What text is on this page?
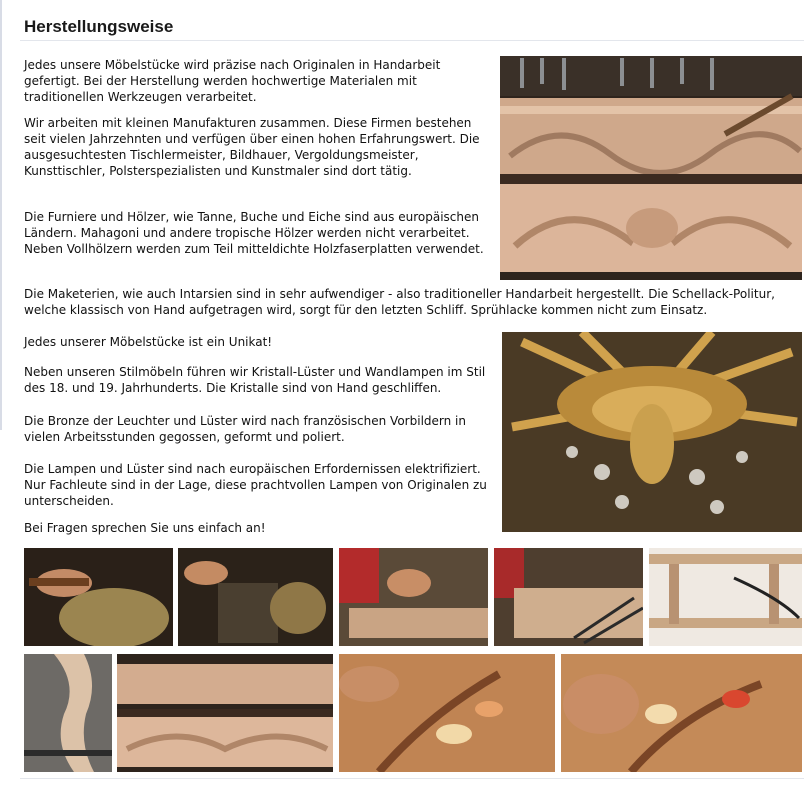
Herstellungsweise

Jedes unsere Möbelstücke wird präzise nach Originalen in Handarbeit gefertigt. Bei der Herstellung werden hochwertige Materialen mit traditionellen Werkzeugen verarbeitet.

Wir arbeiten mit kleinen Manufakturen zusammen. Diese Firmen bestehen seit vielen Jahrzehnten und verfügen über einen hohen Erfahrungswert. Die ausgesuchtesten Tischlermeister, Bildhauer, Vergoldungsmeister, Kunsttischler, Polsterspezialisten und Kunstmaler sind dort tätig.

Die Furniere und Hölzer, wie Tanne, Buche und Eiche sind aus europäischen Ländern. Mahagoni und andere tropische Hölzer werden nicht verarbeitet. Neben Vollhölzern werden zum Teil mitteldichte Holzfaserplatten verwendet.

Die Maketerien, wie auch Intarsien sind in sehr aufwendiger - also traditioneller Handarbeit hergestellt. Die Schellack-Politur, welche klassisch von Hand aufgetragen wird, sorgt für den letzten Schliff. Sprühlacke kommen nicht zum Einsatz.

Jedes unserer Möbelstücke ist ein Unikat!

Neben unseren Stilmöbeln führen wir Kristall-Lüster und Wandlampen im Stil des 18. und 19. Jahrhunderts. Die Kristalle sind von Hand geschliffen.

Die Bronze der Leuchter und Lüster wird nach französischen Vorbildern in vielen Arbeitsstunden gegossen, geformt und poliert.

Die Lampen und Lüster sind nach europäischen Erfordernissen elektrifiziert. Nur Fachleute sind in der Lage, diese prachtvollen Lampen von Originalen zu unterscheiden.

Bei Fragen sprechen Sie uns einfach an!
